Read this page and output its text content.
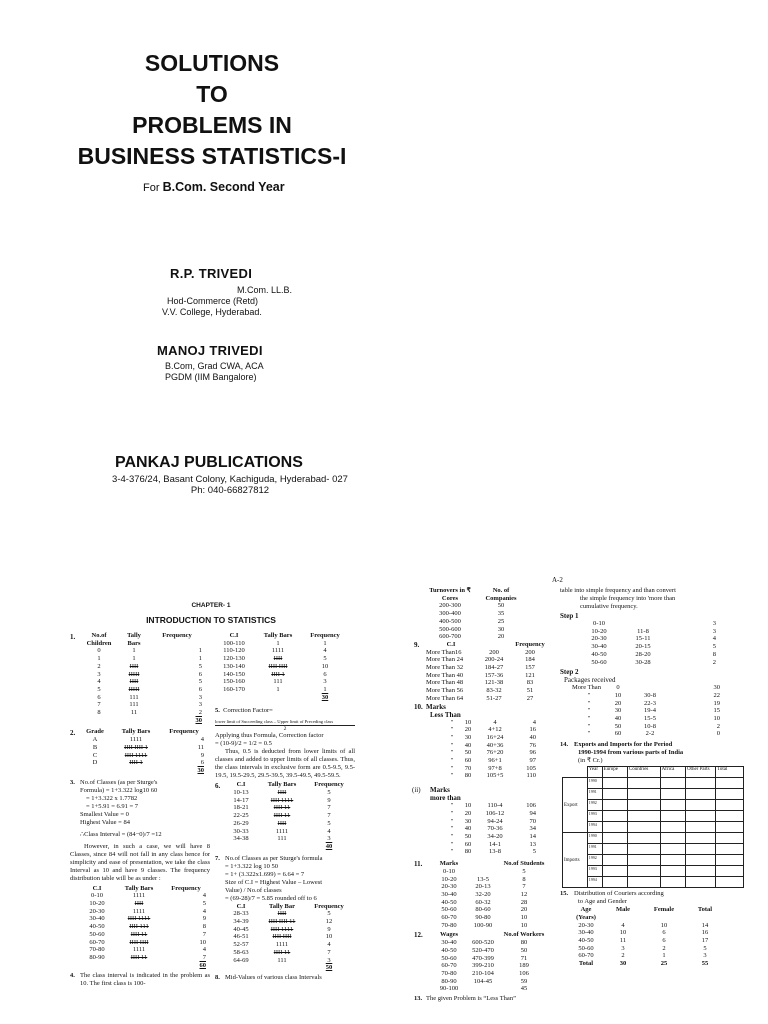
SOLUTIONS
TO
PROBLEMS IN
BUSINESS STATISTICS-I
For B.Com. Second Year
R.P. TRIVEDI
M.Com. LL.B.
Hod-Commerce (Retd)
V.V. College, Hyderabad.
MANOJ TRIVEDI
B.Com, Grad CWA, ACA
PGDM (IIM Bangalore)
PANKAJ PUBLICATIONS
3-4-376/24, Basant Colony, Kachiguda, Hyderabad- 027
Ph: 040-66827812
CHAPTER- 1
INTRODUCTION TO STATISTICS
1.	No.of Children	Tally Bars	Frequency
0	1	1
1	1	1
2	IIII	5
3	IIIII	6
4	IIII	5
5	IIIII	6
6	111	3
7	111	3
8	11	2
		30
2. Grade	Tally Bars	Frequency
A	1111	4
B	IIII IIII 1	11
C	IIII 1111	9
D	IIII 1	6
		30
3. No.of Classes (as per Sturge's
Formula) = 1+3.322 log10 60
= 1+3.322 x 1.7782
= 1+5.91 = 6.91 = 7
Smallest Value = 0
Highest Value = 84
∴Class Interval = (84−0)/7 =12
However, in such a case, we will have 8 Classes, since 84 will not fall in any class hence for simplicity and ease of presentation, we take the class Interval as 10 and have 9 classes. The frequency distribution table will be as under :
C.I	Tally Bars	Frequency
0-10	1111	4
10-20	IIII	5
20-30	1111	4
30-40	IIII 1111	9
40-50	IIII 111	8
50-60	IIII 11	7
60-70	IIII IIII	10
70-80	1111	4
80-90	IIII 11	7
		60
4. The class interval is indicated in the problem as 10. The first class is 100-
C.I	Tally Bars	Frequency
100-110	1	1
110-120	1111	4
120-130	IIII	5
130-140	IIII IIII	10
140-150	IIII 1	6
150-160	111	3
160-170	1	1
		30
5. Correction Factor=
lower limit of Succeeding class – Upper limit of Preceding class
2
Applying thus Formula, Correction factor
= (10-9)/2 = 1/2 = 0.5
Thus, 0.5 is deducted from lower limits of all classes and added to upper limits of all classes. Thus, the class intervals in exclusive form are 0.5-9.5, 9.5-19.5, 19.5-29.5, 29.5-39.5, 39.5-49.5, 49.5-59.5.
6.	C.I	Tally Bars	Frequency
10-13	IIII	5
14-17	IIII 1111	9
18-21	IIII 11	7
22-25	IIII 11	7
26-29	IIII	5
30-33	1111	4
34-38	111	3
		40
7. No.of Classes as per Sturge's formula
= 1+3.322 log 10 50
= 1+ (3.322x1.699) = 6.64 = 7
Size of C.I = Highest Value – Lowest
Value) / No.of classes
= (69-28)/7 = 5.85 rounded off to 6
C.I	Tally Bar	Frequency
28-33	IIII	5
34-39	IIII IIII 11	12
40-45	IIII 1111	9
46-51	IIII IIII	10
52-57	1111	4
58-63	IIII 11	7
64-69	111	3
		50
8. Mid-Values of various class Intervals
A-2
Turnovers in ₹ Cores	No. of Companies
200-300	50
300-400	35
400-500	25
500-600	30
600-700	20
9.	C.I		Frequency
More Than16	200	200
More Than 24	200-24	184
More Than 32	184-27	157
More Than 40	157-36	121
More Than 48	121-38	83
More Than 56	83-32	51
More Than 64	51-27	27
10. Marks
Less Than
"	10	4	4
"	20	4+12	16
"	30	16+24	40
"	40	40+36	76
"	50	76+20	96
"	60	96+1	97
"	70	97+8	105
"	80	105+5	110
(ii)	Marks
more than
"	10	110-4	106
"	20	106-12	94
"	30	94-24	70
"	40	70-36	34
"	50	34-20	14
"	60	14-1	13
"	80	13-8	5
11.	Marks		No.of Students
0-10		5
10-20	13-5	8
20-30	20-13	7
30-40	32-20	12
40-50	60-32	28
50-60	80-60	20
60-70	90-80	10
70-80	100-90	10
12.	Wages		No.of Workers
30-40	600-520	80
40-50	520-470	50
50-60	470-399	71
60-70	399-210	189
70-80	210-104	106
80-90	104-45	59
90-100		45
13. The given Problem is “Less Than”
table into simple frequency and than convert
the simple frequency into 'more than
cumulative frequency.
Step 1
0-10		3
10-20	11-8	3
20-30	15-11	4
30-40	20-15	5
40-50	28-20	8
50-60	30-28	2
Step 2
Packages received
More Than	0		30
"	10	30-8	22
"	20	22-3	19
"	30	19-4	15
"	40	15-5	10
"	50	10-8	2
"	60	2-2	0
14. Exports and Imports for the Period
1990-1994 from various parts of India
(in ₹ Cr.)
	Year	Europe	Countries	Africa	Other Parts	Total
Export	1990					
	1991					
	1992					
	1993					
	1994					
Imports	1990					
	1991					
	1992					
	1993					
	1994					
15. Distribution of Couriers according
to Age and Gender
Age (Years)	Male	Female	Total
20-30	4	10	14
30-40	10	6	16
40-50	11	6	17
50-60	3	2	5
60-70	2	1	3
Total	30	25	55
